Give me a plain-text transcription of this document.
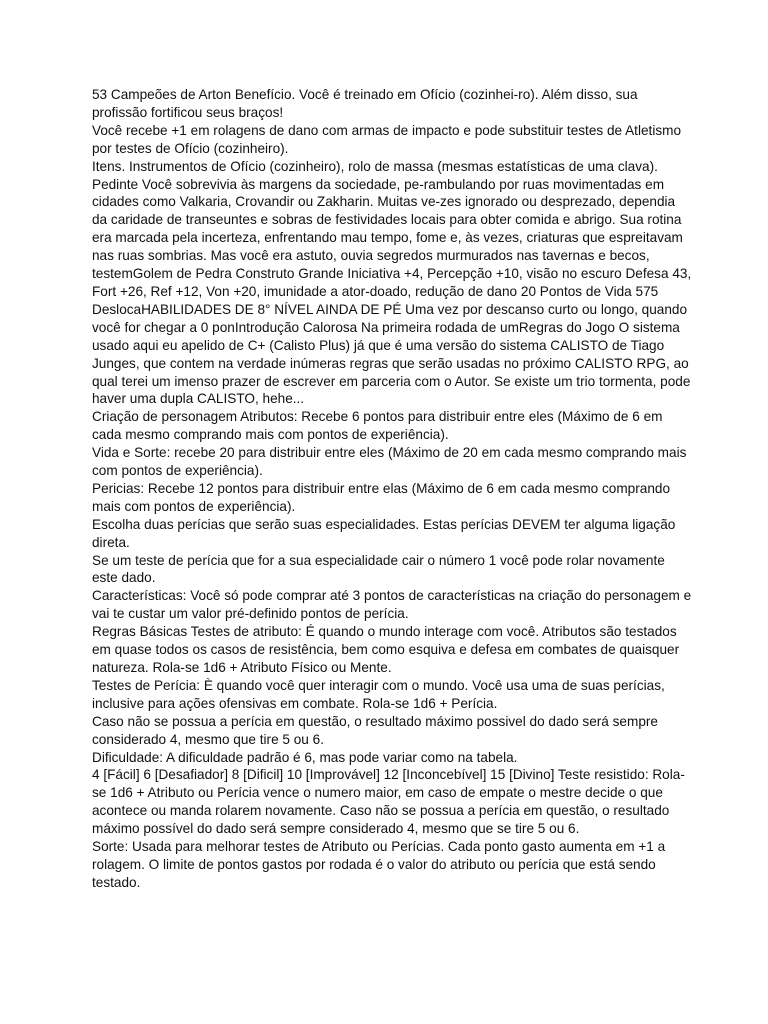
53 Campeões de Arton Benefício. Você é treinado em Ofício (cozinhei-ro). Além disso, sua profissão fortificou seus braços!

Você recebe +1 em rolagens de dano com armas de impacto e pode substituir testes de Atletismo por testes de Ofício (cozinheiro).

Itens. Instrumentos de Ofício (cozinheiro), rolo de massa (mesmas estatísticas de uma clava).

Pedinte Você sobrevivia às margens da sociedade, pe-rambulando por ruas movimentadas em cidades como Valkaria, Crovandir ou Zakharin. Muitas ve-zes ignorado ou desprezado, dependia da caridade de transeuntes e sobras de festividades locais para obter comida e abrigo. Sua rotina era marcada pela incerteza, enfrentando mau tempo, fome e, às vezes, criaturas que espreitavam nas ruas sombrias. Mas você era astuto, ouvia segredos murmurados nas tavernas e becos, testemGolem de Pedra Construto Grande Iniciativa +4, Percepção +10, visão no escuro Defesa 43, Fort +26, Ref +12, Von +20, imunidade a ator-doado, redução de dano 20 Pontos de Vida 575 DeslocaHABILIDADES DE 8° NÍVEL AINDA DE PÉ Uma vez por descanso curto ou longo, quando você for chegar a 0 ponIntrodução Calorosa Na primeira rodada de umRegras do Jogo O sistema usado aqui eu apelido de C+ (Calisto Plus) já que é uma versão do sistema CALISTO de Tiago Junges, que contem na verdade inúmeras regras que serão usadas no próximo CALISTO RPG, ao qual terei um imenso prazer de escrever em parceria com o Autor. Se existe um trio tormenta, pode haver uma dupla CALISTO, hehe...

Criação de personagem Atributos: Recebe 6 pontos para distribuir entre eles (Máximo de 6 em cada mesmo comprando mais com pontos de experiência).

Vida e Sorte: recebe 20 para distribuir entre eles (Máximo de 20 em cada mesmo comprando mais com pontos de experiência).

Pericias: Recebe 12 pontos para distribuir entre elas (Máximo de 6 em cada mesmo comprando mais com pontos de experiência).

Escolha duas perícias que serão suas especialidades. Estas perícias DEVEM ter alguma ligação direta.

Se um teste de perícia que for a sua especialidade cair o número 1 você pode rolar novamente este dado.

Características: Você só pode comprar até 3 pontos de características na criação do personagem e vai te custar um valor pré-definido pontos de perícia.

Regras Básicas Testes de atributo: É quando o mundo interage com você. Atributos são testados em quase todos os casos de resistência, bem como esquiva e defesa em combates de quaisquer natureza. Rola-se 1d6 + Atributo Físico ou Mente.

Testes de Perícia: È quando você quer interagir com o mundo. Você usa uma de suas perícias, inclusive para ações ofensivas em combate. Rola-se 1d6 + Perícia.

Caso não se possua a perícia em questão, o resultado máximo possivel do dado será sempre considerado 4, mesmo que tire 5 ou 6.

Dificuldade: A dificuldade padrão é 6, mas pode variar como na tabela.

4 [Fácil] 6 [Desafiador] 8 [Dificil] 10 [Improvável] 12 [Inconcebível] 15 [Divino] Teste resistido: Rola-se 1d6 + Atributo ou Perícia vence o numero maior, em caso de empate o mestre decide o que acontece ou manda rolarem novamente. Caso não se possua a perícia em questão, o resultado máximo possível do dado será sempre considerado 4, mesmo que se tire 5 ou 6.

Sorte: Usada para melhorar testes de Atributo ou Perícias. Cada ponto gasto aumenta em +1 a rolagem. O limite de pontos gastos por rodada é o valor do atributo ou perícia que está sendo testado.
